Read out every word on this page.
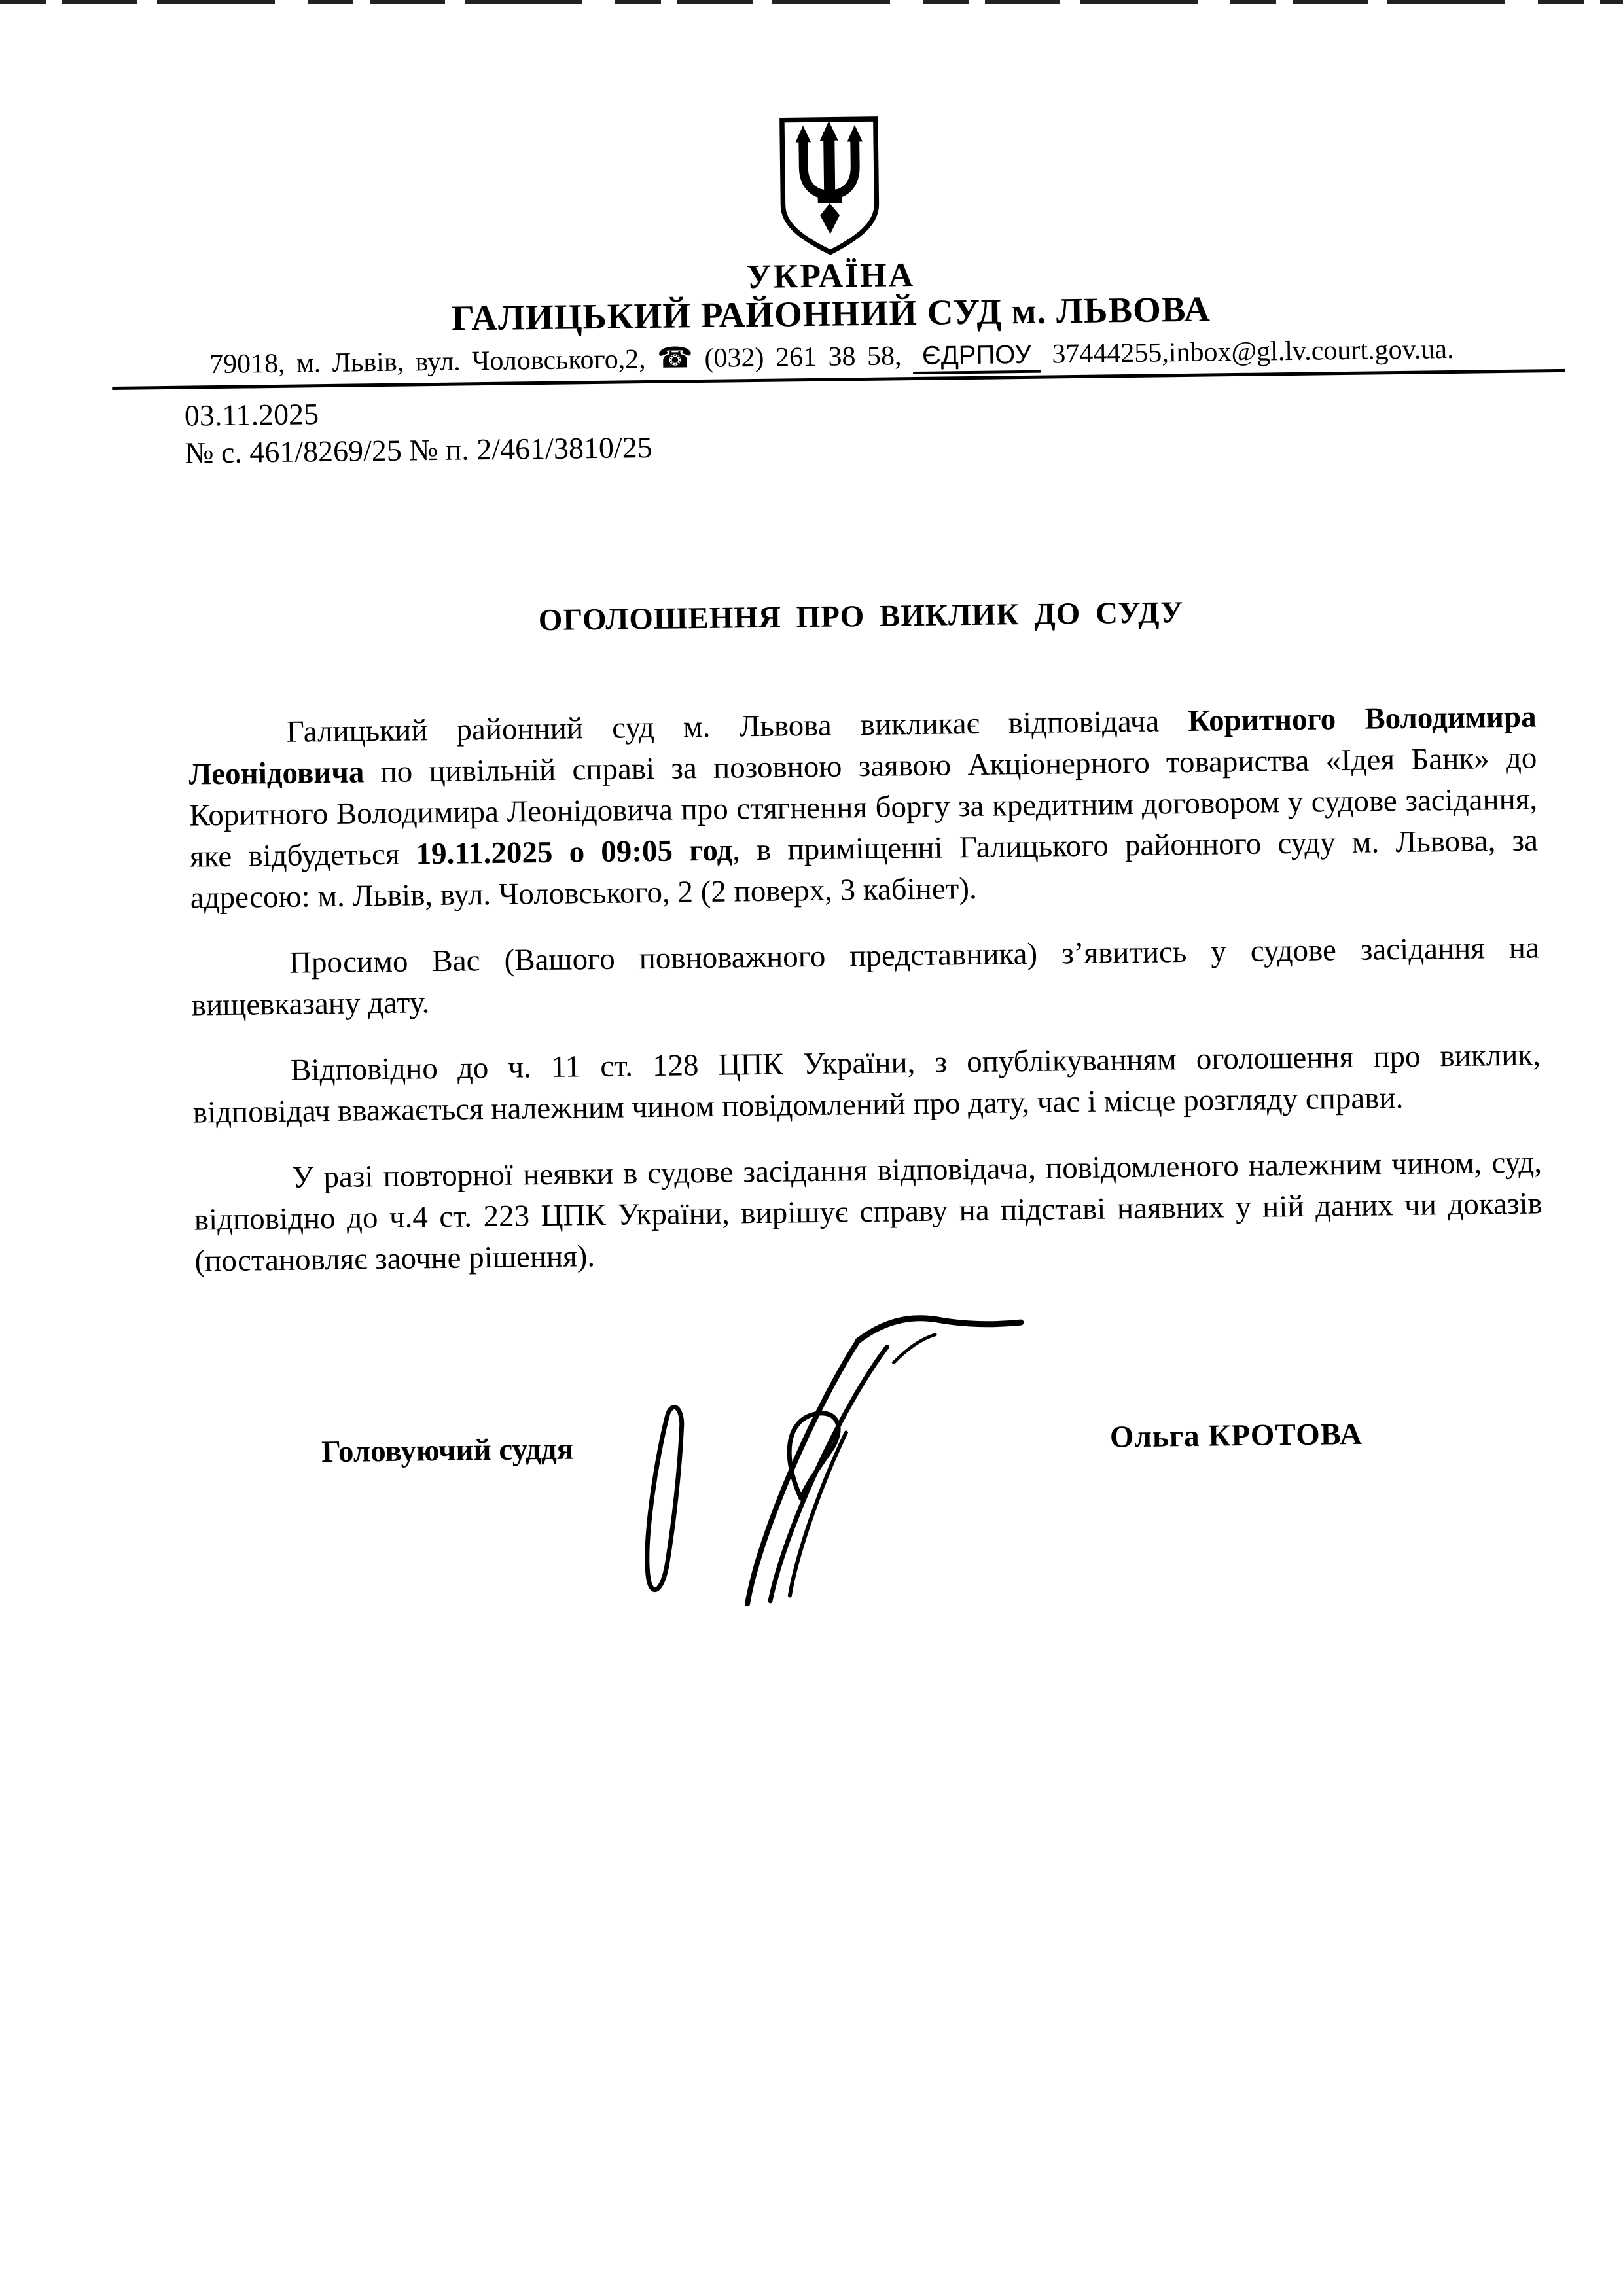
УКРАЇНА
ГАЛИЦЬКИЙ РАЙОННИЙ СУД м. ЛЬВОВА
79018, м. Львів, вул. Чоловського,2, ☎ (032) 261 38 58, ЄДРПОУ 37444255,inbox@gl.lv.court.gov.ua.
03.11.2025
№ с. 461/8269/25 № п. 2/461/3810/25
ОГОЛОШЕННЯ ПРО ВИКЛИК ДО СУДУ

Галицький районний суд м. Львова викликає відповідача Коритного Володимира Леонідовича по цивільній справі за позовною заявою Акціонерного товариства «Ідея Банк» до Коритного Володимира Леонідовича про стягнення боргу за кредитним договором у судове засідання, яке відбудеться 19.11.2025 о 09:05 год, в приміщенні Галицького районного суду м. Львова, за адресою: м. Львів, вул. Чоловського, 2 (2 поверх, 3 кабінет).

Просимо Вас (Вашого повноважного представника) з’явитись у судове засідання на вищевказану дату.

Відповідно до ч. 11 ст. 128 ЦПК України, з опублікуванням оголошення про виклик, відповідач вважається належним чином повідомлений про дату, час і місце розгляду справи.

У разі повторної неявки в судове засідання відповідача, повідомленого належним чином, суд, відповідно до ч.4 ст. 223 ЦПК України, вирішує справу на підставі наявних у ній даних чи доказів (постановляє заочне рішення).

Головуючий суддя	Ольга КРОТОВА
